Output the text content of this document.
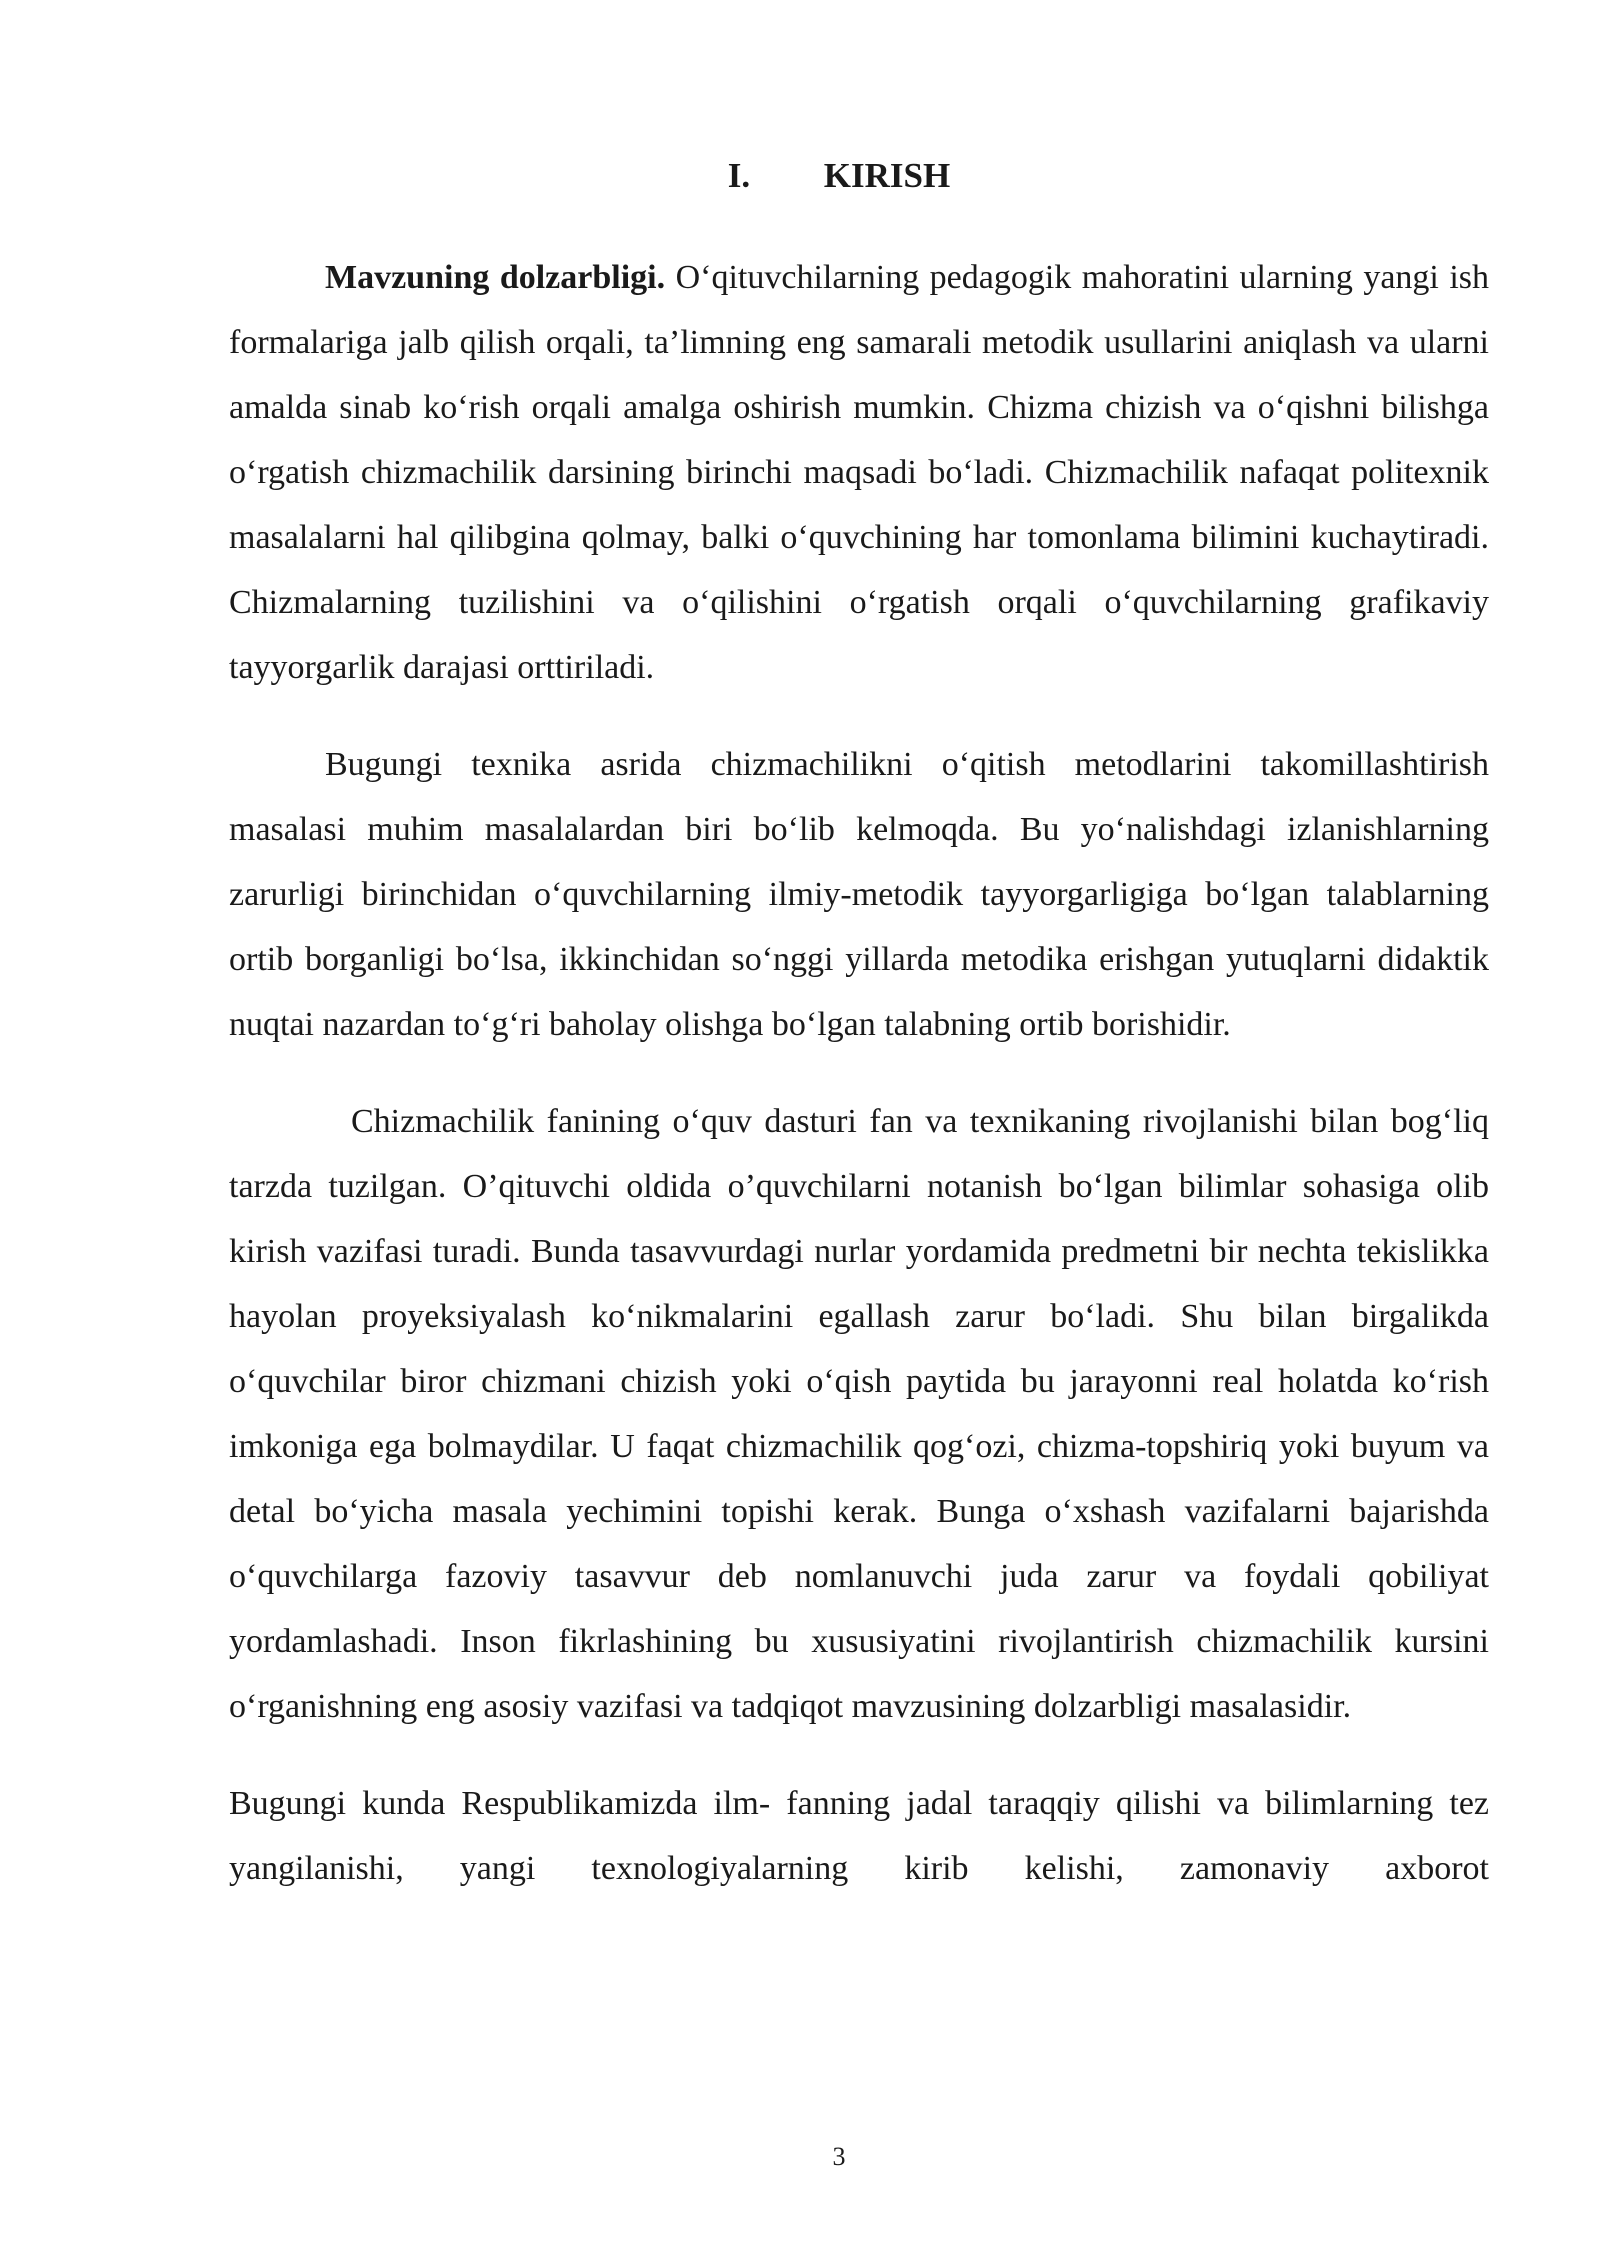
I. KIRISH

Mavzuning dolzarbligi. O‘qituvchilarning pedagogik mahoratini ularning yangi ish formalariga jalb qilish orqali, ta’limning eng samarali metodik usullarini aniqlash va ularni amalda sinab ko‘rish orqali amalga oshirish mumkin. Chizma chizish va o‘qishni bilishga o‘rgatish chizmachilik darsining birinchi maqsadi bo‘ladi. Chizmachilik nafaqat politexnik masalalarni hal qilibgina qolmay, balki o‘quvchining har tomonlama bilimini kuchaytiradi. Chizmalarning tuzilishini va o‘qilishini o‘rgatish orqali o‘quvchilarning grafikaviy tayyorgarlik darajasi orttiriladi.

Bugungi texnika asrida chizmachilikni o‘qitish metodlarini takomillashtirish masalasi muhim masalalardan biri bo‘lib kelmoqda. Bu yo‘nalishdagi izlanishlarning zarurligi birinchidan o‘quvchilarning ilmiy-metodik tayyorgarligiga bo‘lgan talablarning ortib borganligi bo‘lsa, ikkinchidan so‘nggi yillarda metodika erishgan yutuqlarni didaktik nuqtai nazardan to‘g‘ri baholay olishga bo‘lgan talabning ortib borishidir.

Chizmachilik fanining o‘quv dasturi fan va texnikaning rivojlanishi bilan bog‘liq tarzda tuzilgan. O’qituvchi oldida o’quvchilarni notanish bo‘lgan bilimlar sohasiga olib kirish vazifasi turadi. Bunda tasavvurdagi nurlar yordamida predmetni bir nechta tekislikka hayolan proyeksiyalash ko‘nikmalarini egallash zarur bo‘ladi. Shu bilan birgalikda o‘quvchilar biror chizmani chizish yoki o‘qish paytida bu jarayonni real holatda ko‘rish imkoniga ega bolmaydilar. U faqat chizmachilik qog‘ozi, chizma-topshiriq yoki buyum va detal bo‘yicha masala yechimini topishi kerak. Bunga o‘xshash vazifalarni bajarishda o‘quvchilarga fazoviy tasavvur deb nomlanuvchi juda zarur va foydali qobiliyat yordamlashadi. Inson fikrlashining bu xususiyatini rivojlantirish chizmachilik kursini o‘rganishning eng asosiy vazifasi va tadqiqot mavzusining dolzarbligi masalasidir.

Bugungi kunda Respublikamizda ilm- fanning jadal taraqqiy qilishi va bilimlarning tez yangilanishi, yangi texnologiyalarning kirib kelishi, zamonaviy axborot

3
